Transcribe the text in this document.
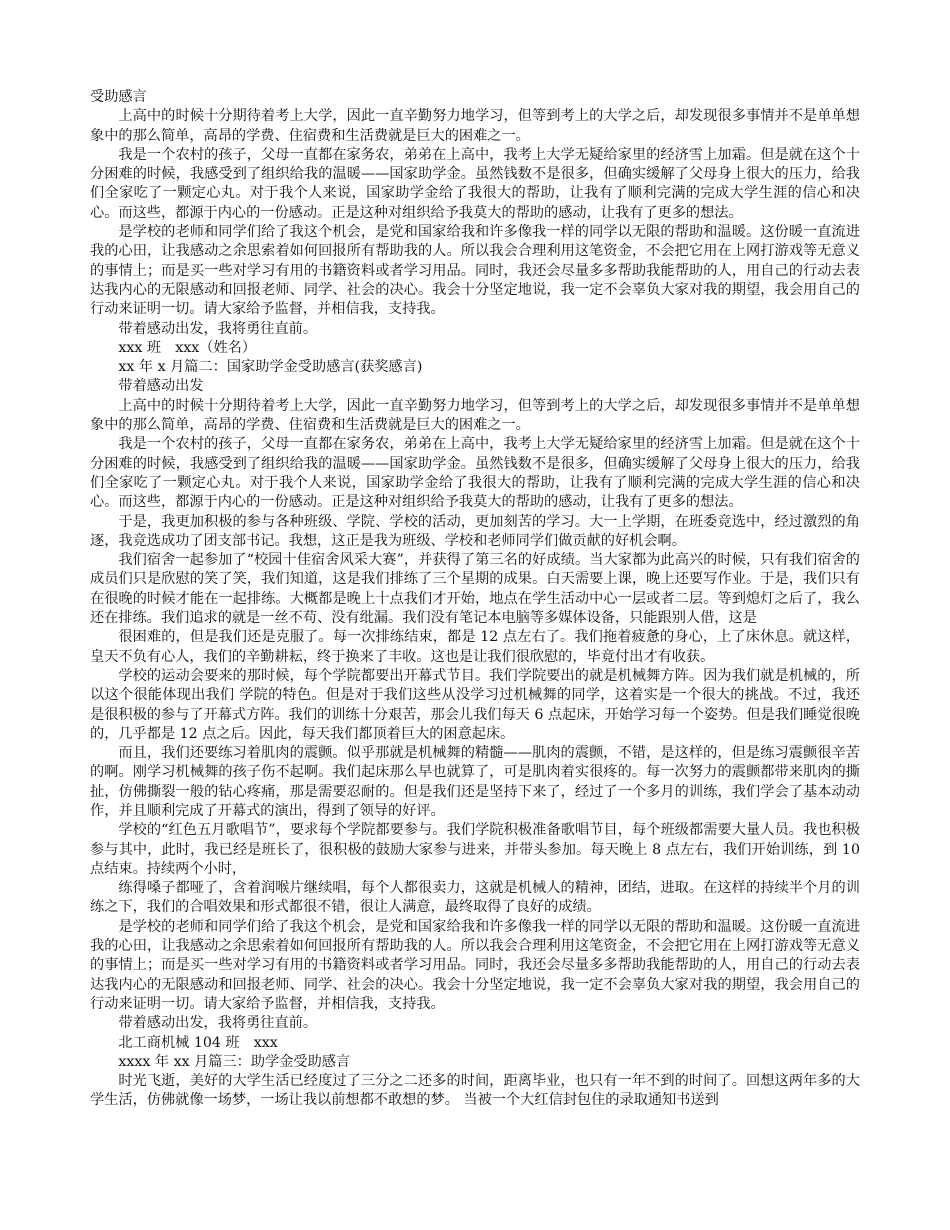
受助感言

上高中的时候十分期待着考上大学，因此一直辛勤努力地学习，但等到考上的大学之后，却发现很多事情并不是单单想象中的那么简单，高昂的学费、住宿费和生活费就是巨大的困难之一。

我是一个农村的孩子，父母一直都在家务农，弟弟在上高中，我考上大学无疑给家里的经济雪上加霜。但是就在这个十分困难的时候，我感受到了组织给我的温暖——国家助学金。虽然钱数不是很多，但确实缓解了父母身上很大的压力，给我们全家吃了一颗定心丸。对于我个人来说，国家助学金给了我很大的帮助，让我有了顺利完满的完成大学生涯的信心和决心。而这些，都源于内心的一份感动。正是这种对组织给予我莫大的帮助的感动，让我有了更多的想法。

是学校的老师和同学们给了我这个机会，是党和国家给我和许多像我一样的同学以无限的帮助和温暖。这份暖一直流进我的心田，让我感动之余思索着如何回报所有帮助我的人。所以我会合理利用这笔资金，不会把它用在上网打游戏等无意义的事情上；而是买一些对学习有用的书籍资料或者学习用品。同时，我还会尽量多多帮助我能帮助的人，用自己的行动去表达我内心的无限感动和回报老师、同学、社会的决心。我会十分坚定地说，我一定不会辜负大家对我的期望，我会用自己的行动来证明一切。请大家给予监督，并相信我，支持我。

带着感动出发，我将勇往直前。

xxx 班　xxx（姓名）

xx 年 x 月篇二：国家助学金受助感言(获奖感言)

带着感动出发

上高中的时候十分期待着考上大学，因此一直辛勤努力地学习，但等到考上的大学之后，却发现很多事情并不是单单想象中的那么简单，高昂的学费、住宿费和生活费就是巨大的困难之一。

我是一个农村的孩子，父母一直都在家务农，弟弟在上高中，我考上大学无疑给家里的经济雪上加霜。但是就在这个十分困难的时候，我感受到了组织给我的温暖——国家助学金。虽然钱数不是很多，但确实缓解了父母身上很大的压力，给我们全家吃了一颗定心丸。对于我个人来说，国家助学金给了我很大的帮助，让我有了顺利完满的完成大学生涯的信心和决心。而这些，都源于内心的一份感动。正是这种对组织给予我莫大的帮助的感动，让我有了更多的想法。

于是，我更加积极的参与各种班级、学院、学校的活动，更加刻苦的学习。大一上学期，在班委竞选中，经过激烈的角逐，我竞选成功了团支部书记。我想，这正是我为班级、学校和老师同学们做贡献的好机会啊。

我们宿舍一起参加了“校园十佳宿舍风采大赛”，并获得了第三名的好成绩。当大家都为此高兴的时候，只有我们宿舍的成员们只是欣慰的笑了笑，我们知道，这是我们排练了三个星期的成果。白天需要上课，晚上还要写作业。于是，我们只有在很晚的时候才能在一起排练。大概都是晚上十点我们才开始，地点在学生活动中心一层或者二层。等到熄灯之后了，我么还在排练。我们追求的就是一丝不苟、没有纰漏。我们没有笔记本电脑等多媒体设备，只能跟别人借，这是

很困难的，但是我们还是克服了。每一次排练结束，都是 12 点左右了。我们拖着疲惫的身心，上了床休息。就这样，皇天不负有心人，我们的辛勤耕耘，终于换来了丰收。这也是让我们很欣慰的，毕竟付出才有收获。

学校的运动会要来的那时候，每个学院都要出开幕式节目。我们学院要出的就是机械舞方阵。因为我们就是机械的，所以这个很能体现出我们 学院的特色。但是对于我们这些从没学习过机械舞的同学，这着实是一个很大的挑战。不过，我还是很积极的参与了开幕式方阵。我们的训练十分艰苦，那会儿我们每天 6 点起床，开始学习每一个姿势。但是我们睡觉很晚的，几乎都是 12 点之后。因此，每天我们都顶着巨大的困意起床。

而且，我们还要练习着肌肉的震颤。似乎那就是机械舞的精髓——肌肉的震颤，不错，是这样的，但是练习震颤很辛苦的啊。刚学习机械舞的孩子伤不起啊。我们起床那么早也就算了，可是肌肉着实很疼的。每一次努力的震颤都带来肌肉的撕扯，仿佛撕裂一般的钻心疼痛，那是需要忍耐的。但是我们还是坚持下来了，经过了一个多月的训练，我们学会了基本动动作，并且顺利完成了开幕式的演出，得到了领导的好评。

学校的“红色五月歌唱节”，要求每个学院都要参与。我们学院积极准备歌唱节目，每个班级都需要大量人员。我也积极参与其中，此时，我已经是班长了，很积极的鼓励大家参与进来，并带头参加。每天晚上 8 点左右，我们开始训练，到 10 点结束。持续两个小时，

练得嗓子都哑了，含着润喉片继续唱，每个人都很卖力，这就是机械人的精神，团结，进取。在这样的持续半个月的训练之下，我们的合唱效果和形式都很不错，很让人满意，最终取得了良好的成绩。

是学校的老师和同学们给了我这个机会，是党和国家给我和许多像我一样的同学以无限的帮助和温暖。这份暖一直流进我的心田，让我感动之余思索着如何回报所有帮助我的人。所以我会合理利用这笔资金，不会把它用在上网打游戏等无意义的事情上；而是买一些对学习有用的书籍资料或者学习用品。同时，我还会尽量多多帮助我能帮助的人，用自己的行动去表达我内心的无限感动和回报老师、同学、社会的决心。我会十分坚定地说，我一定不会辜负大家对我的期望，我会用自己的行动来证明一切。请大家给予监督，并相信我，支持我。

带着感动出发，我将勇往直前。

北工商机械 104 班　xxx

xxxx 年 xx 月篇三：助学金受助感言

时光飞逝，美好的大学生活已经度过了三分之二还多的时间，距离毕业，也只有一年不到的时间了。回想这两年多的大学生活，仿佛就像一场梦，一场让我以前想都不敢想的梦。 当被一个大红信封包住的录取通知书送到
